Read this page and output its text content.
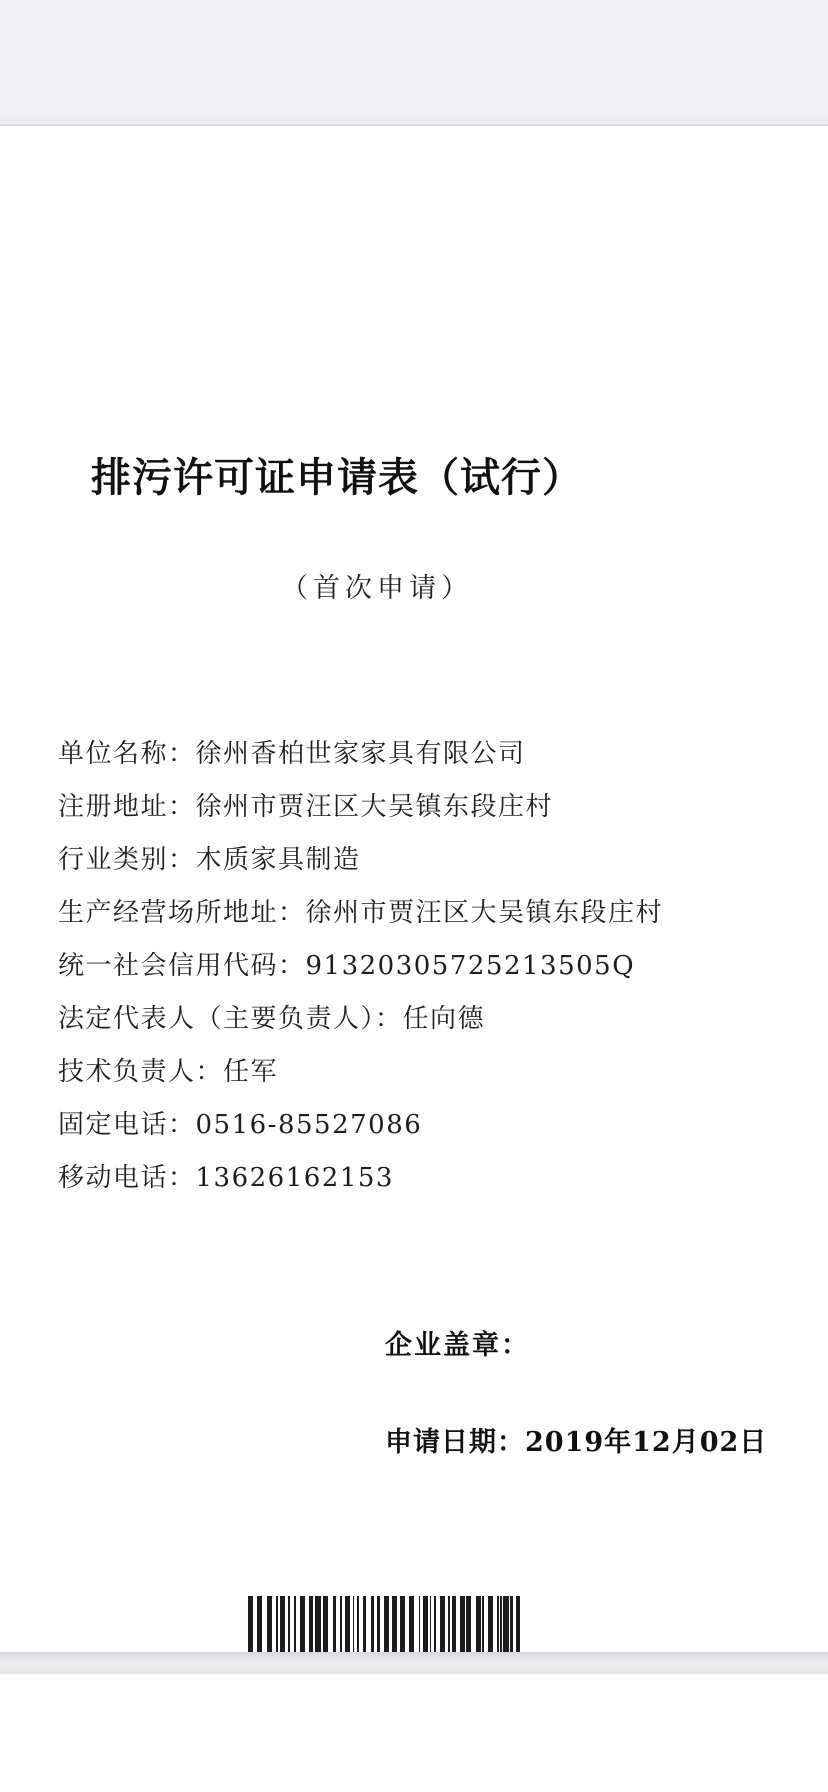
排污许可证申请表（试行）
（首次申请）
单位名称：徐州香柏世家家具有限公司
注册地址：徐州市贾汪区大吴镇东段庄村
行业类别：木质家具制造
生产经营场所地址：徐州市贾汪区大吴镇东段庄村
统一社会信用代码：91320305725213505Q
法定代表人（主要负责人）：任向德
技术负责人：任军
固定电话：0516-85527086
移动电话：13626162153
企业盖章：
申请日期：2019年12月02日
